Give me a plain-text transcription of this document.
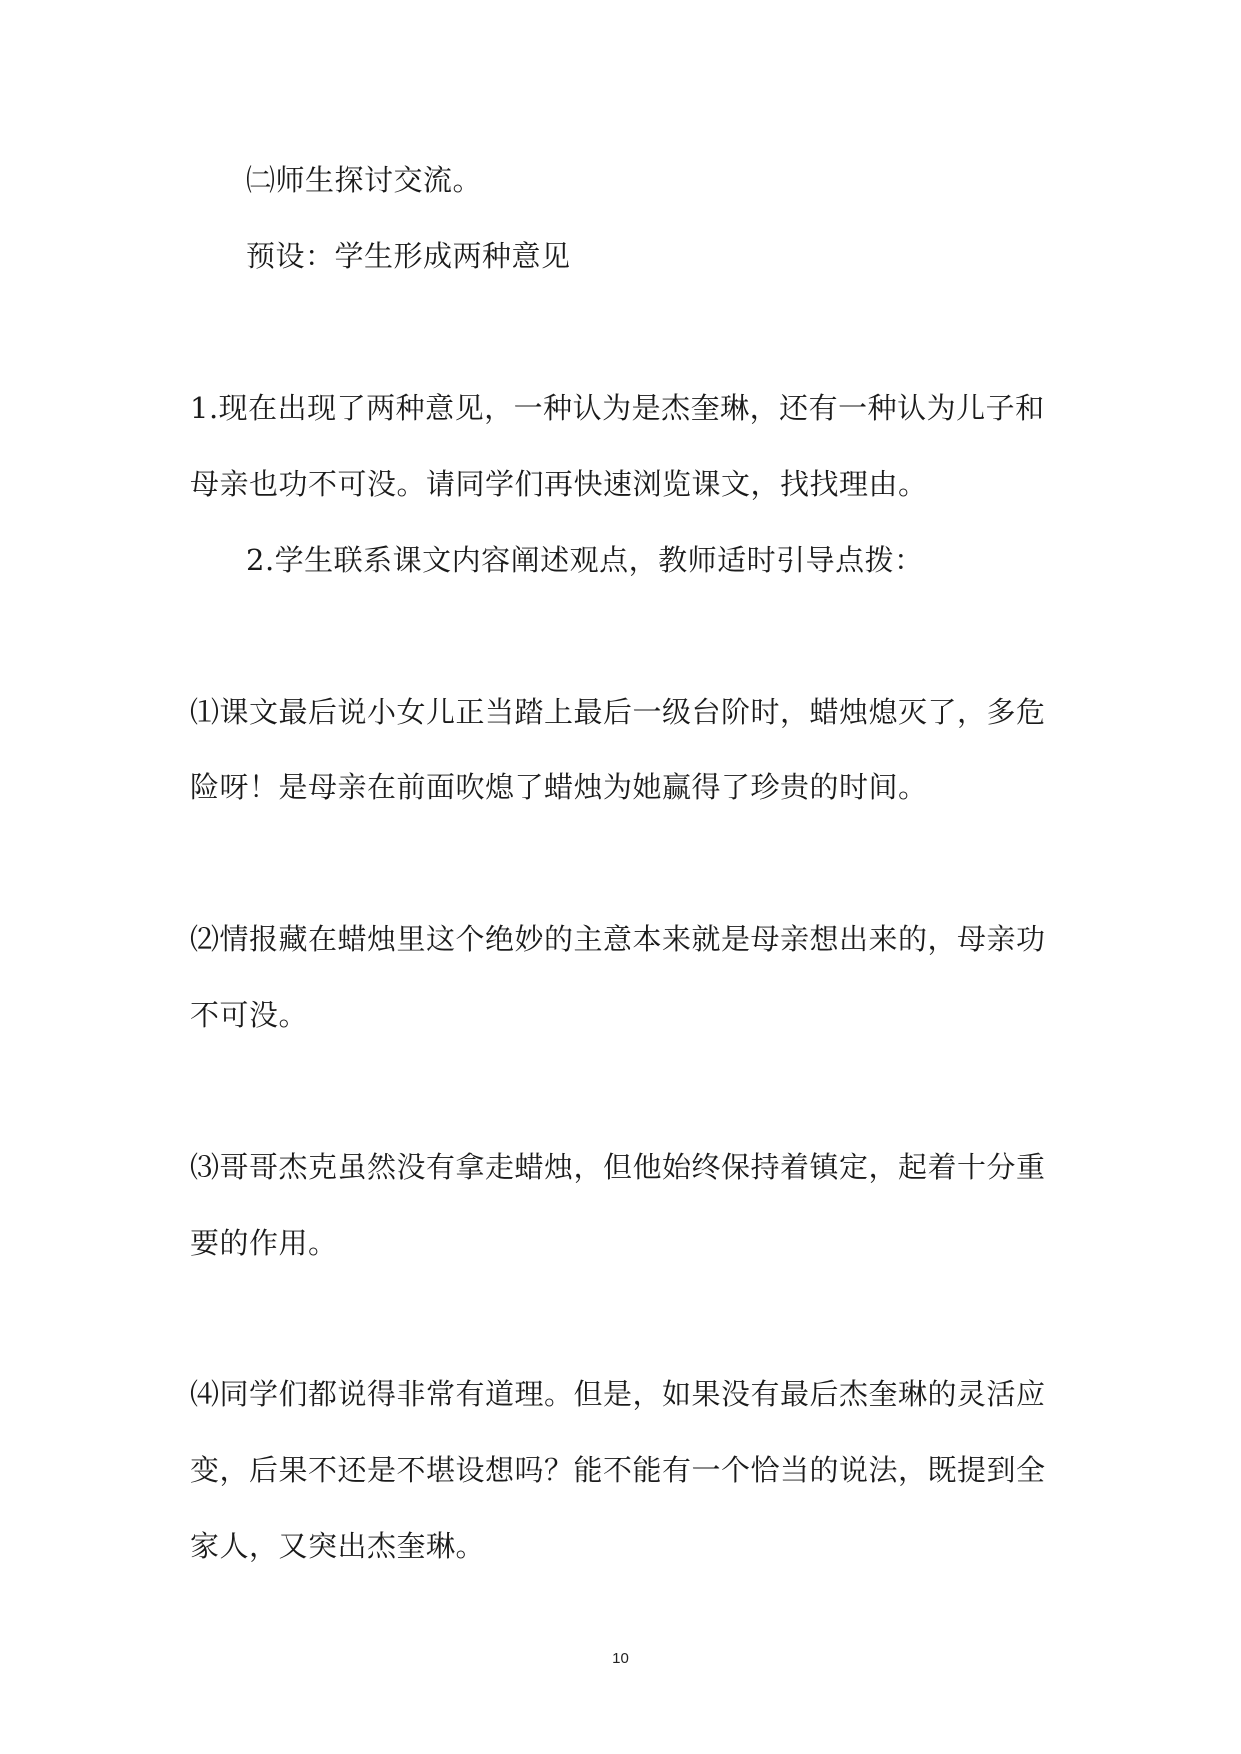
㈡师生探讨交流。
预设：学生形成两种意见
1.现在出现了两种意见，一种认为是杰奎琳，还有一种认为儿子和
母亲也功不可没。请同学们再快速浏览课文，找找理由。
2.学生联系课文内容阐述观点，教师适时引导点拨：
⑴课文最后说小女儿正当踏上最后一级台阶时，蜡烛熄灭了，多危
险呀！是母亲在前面吹熄了蜡烛为她赢得了珍贵的时间。
⑵情报藏在蜡烛里这个绝妙的主意本来就是母亲想出来的，母亲功
不可没。
⑶哥哥杰克虽然没有拿走蜡烛，但他始终保持着镇定，起着十分重
要的作用。
⑷同学们都说得非常有道理。但是，如果没有最后杰奎琳的灵活应
变，后果不还是不堪设想吗？能不能有一个恰当的说法，既提到全
家人，又突出杰奎琳。
10
